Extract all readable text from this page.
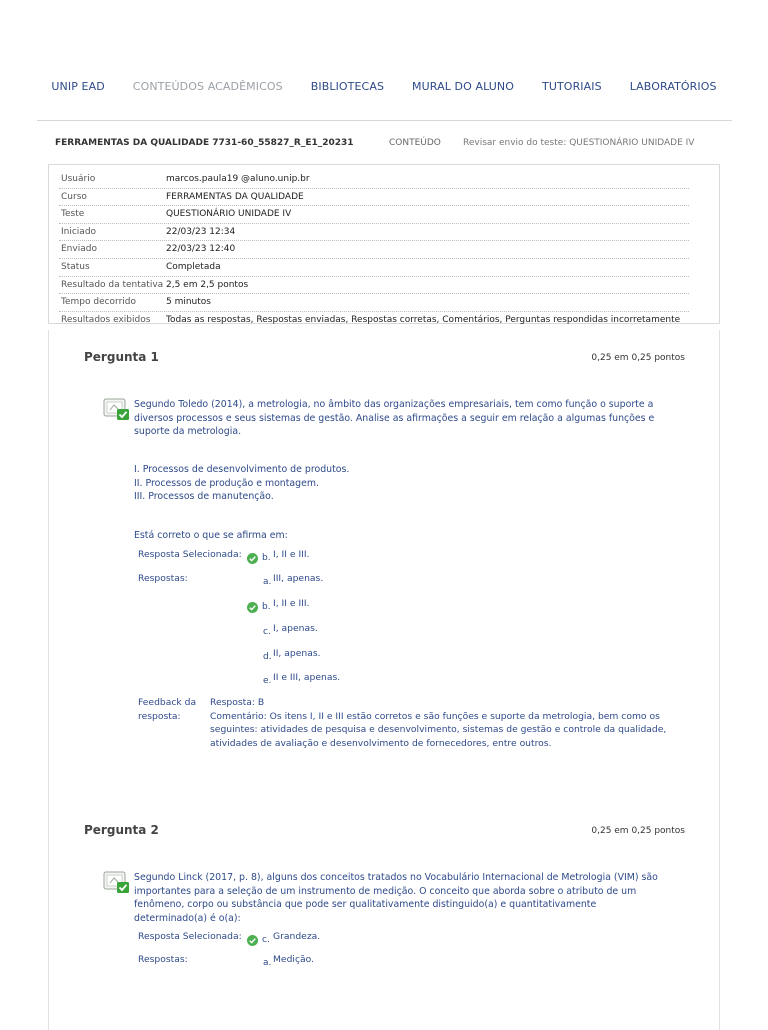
UNIP EAD	CONTEÚDOS ACADÊMICOS	BIBLIOTECAS	MURAL DO ALUNO	TUTORIAIS	LABORATÓRIOS
FERRAMENTAS DA QUALIDADE 7731-60_55827_R_E1_20231	CONTEÚDO Revisar envio do teste: QUESTIONÁRIO UNIDADE IV
Usuário	marcos.paula19 @aluno.unip.br
Curso	FERRAMENTAS DA QUALIDADE
Teste	QUESTIONÁRIO UNIDADE IV
Iniciado	22/03/23 12:34
Enviado	22/03/23 12:40
Status	Completada
Resultado da tentativa 2,5 em 2,5 pontos
Tempo decorrido	5 minutos
Resultados exibidos Todas as respostas, Respostas enviadas, Respostas corretas, Comentários, Perguntas respondidas incorretamente
Pergunta 1	0,25 em 0,25 pontos
Segundo Toledo (2014), a metrologia, no âmbito das organizações empresariais, tem como função o suporte a diversos processos e seus sistemas de gestão. Analise as afirmações a seguir em relação a algumas funções e suporte da metrologia.
I. Processos de desenvolvimento de produtos.
II. Processos de produção e montagem.
III. Processos de manutenção.
Está correto o que se afirma em:
Resposta Selecionada: b. I, II e III.
Respostas:	a. III, apenas.
b. I, II e III.
c. I, apenas.
d. II, apenas.
e. II e III, apenas.
Feedback da
resposta:
Resposta: B
Comentário: Os itens I, II e III estão corretos e são funções e suporte da metrologia, bem como os seguintes: atividades de pesquisa e desenvolvimento, sistemas de gestão e controle da qualidade, atividades de avaliação e desenvolvimento de fornecedores, entre outros.
Pergunta 2	0,25 em 0,25 pontos
Segundo Linck (2017, p. 8), alguns dos conceitos tratados no Vocabulário Internacional de Metrologia (VIM) são importantes para a seleção de um instrumento de medição. O conceito que aborda sobre o atributo de um fenômeno, corpo ou substância que pode ser qualitativamente distinguido(a) e quantitativamente determinado(a) é o(a):
Resposta Selecionada: c. Grandeza.
Respostas:	a. Medição.
